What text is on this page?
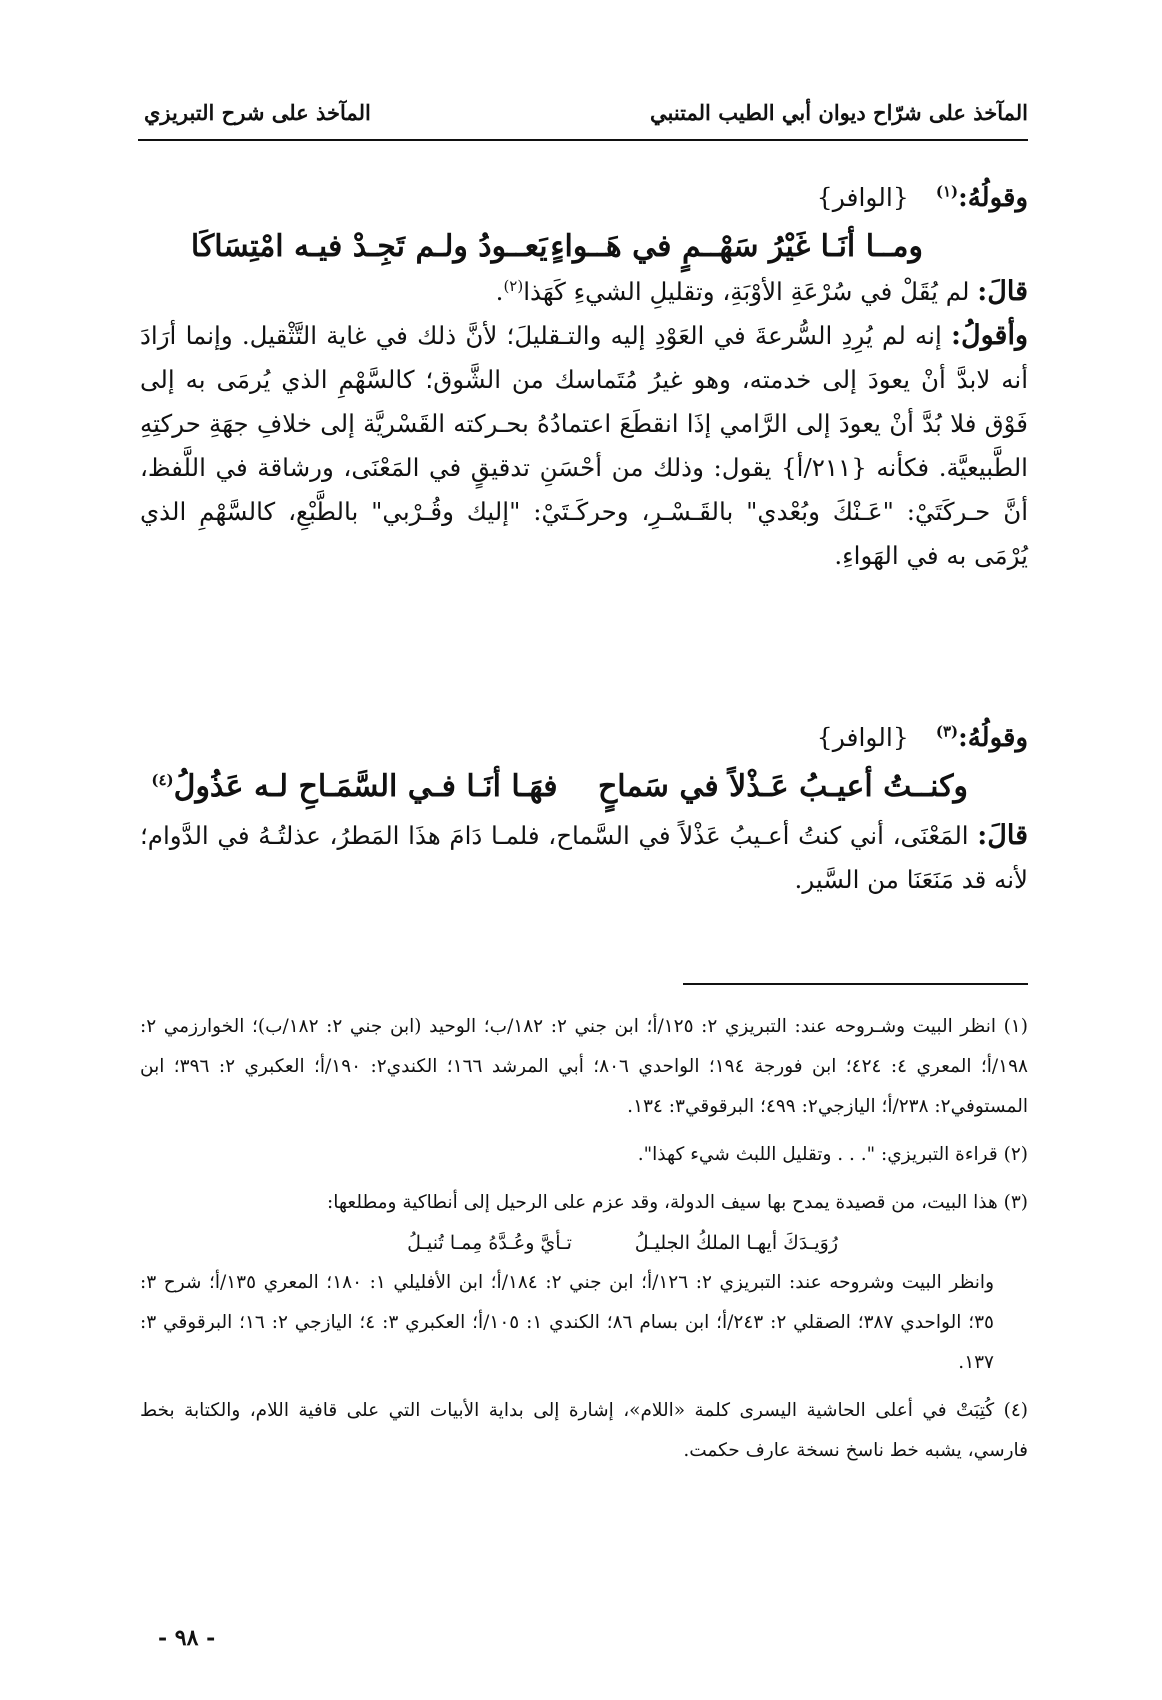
المآخذ على شرّاح ديوان أبي الطيب المتنبي
المآخذ على شرح التبريزي
وقولُهُ:$^{(١)}$ {الوافر}
ومــا أنَـا غَيْرُ سَهْــمٍ في هَــواءٍ يَعــودُ ولـم تَجِـدْ فيـه امْتِسَاكَا

قالَ: لم يُقَلْ في سُرْعَةِ الأوْبَةِ، وتقليلِ الشيءِ كَهَذا$^{(٢)}$.

وأقولُ: إنه لم يُرِدِ السُّرعةَ في العَوْدِ إليه والتـقليلَ؛ لأنَّ ذلك في غاية التَّثْقيل. وإنما أرَادَ أنه لابدَّ أنْ يعودَ إلى خدمته، وهو غيرُ مُتَماسك من الشَّوق؛ كالسَّهْمِ الذي يُرمَى به إلى فَوْق فلا بُدَّ أنْ يعودَ إلى الرَّامي إذَا انقطَعَ اعتمادُهُ بحـركته القَسْريَّة إلى خلافِ جهَةِ حركتِهِ الطَّبيعيَّة. فكأنه {٢١١/أ} يقول: وذلك من أحْسَنِ تدقيقٍ في المَعْنَى، ورشاقة في اللَّفظ، أنَّ حـركَتَيْ: "عَـنْكَ وبُعْدي" بالقَـسْـرِ، وحركَـتَيْ: "إليك وقُـرْبي" بالطَّبْعِ، كالسَّهْمِ الذي يُرْمَى به في الهَواءِ.

وقولُهُ:$^{(٣)}$ {الوافر}
وكنــتُ أعيـبُ عَـذْلاً في سَماحٍ فهَـا أنَـا فـي السَّمَـاحِ لـه عَذُولُ$^{(٤)}$

قالَ: المَعْنَى، أني كنتُ أعـيبُ عَذْلاً في السَّماح، فلمـا دَامَ هذَا المَطرُ، عذلتُـهُ في الدَّوام؛ لأنه قد مَنَعَنَا من السَّير.

(١) انظر البيت وشـروحه عند: التبريزي ٢: ١٢٥/أ؛ ابن جني ٢: ١٨٢/ب؛ الوحيد (ابن جني ٢: ١٨٢/ب)؛ الخوارزمي ٢: ١٩٨/أ؛ المعري ٤: ٤٢٤؛ ابن فورجة ١٩٤؛ الواحدي ٨٠٦؛ أبي المرشد ١٦٦؛ الكندي٢: ١٩٠/أ؛ العكبري ٢: ٣٩٦؛ ابن المستوفي٢: ٢٣٨/أ؛ اليازجي٢: ٤٩٩؛ البرقوقي٣: ١٣٤.

(٢) قراءة التبريزي: ". . . وتقليل اللبث شيء كهذا".

(٣) هذا البيت، من قصيدة يمدح بها سيف الدولة، وقد عزم على الرحيل إلى أنطاكية ومطلعها:

رُوَيـدَكَ أيهـا الملكُ الجليـلُ تـأيَّ وعُـدَّهُ مِمـا تُنيـلُ

وانظر البيت وشروحه عند: التبريزي ٢: ١٢٦/أ؛ ابن جني ٢: ١٨٤/أ؛ ابن الأفليلي ١: ١٨٠؛ المعري ١٣٥/أ؛ شرح ٣: ٣٥؛ الواحدي ٣٨٧؛ الصقلي ٢: ٢٤٣/أ؛ ابن بسام ٨٦؛ الكندي ١: ١٠٥/أ؛ العكبري ٣: ٤؛ اليازجي ٢: ١٦؛ البرقوقي ٣: ١٣٧.

(٤) كُتِبَتْ في أعلى الحاشية اليسرى كلمة «اللام»، إشارة إلى بداية الأبيات التي على قافية اللام، والكتابة بخط فارسي، يشبه خط ناسخ نسخة عارف حكمت.

- ٩٨ -
